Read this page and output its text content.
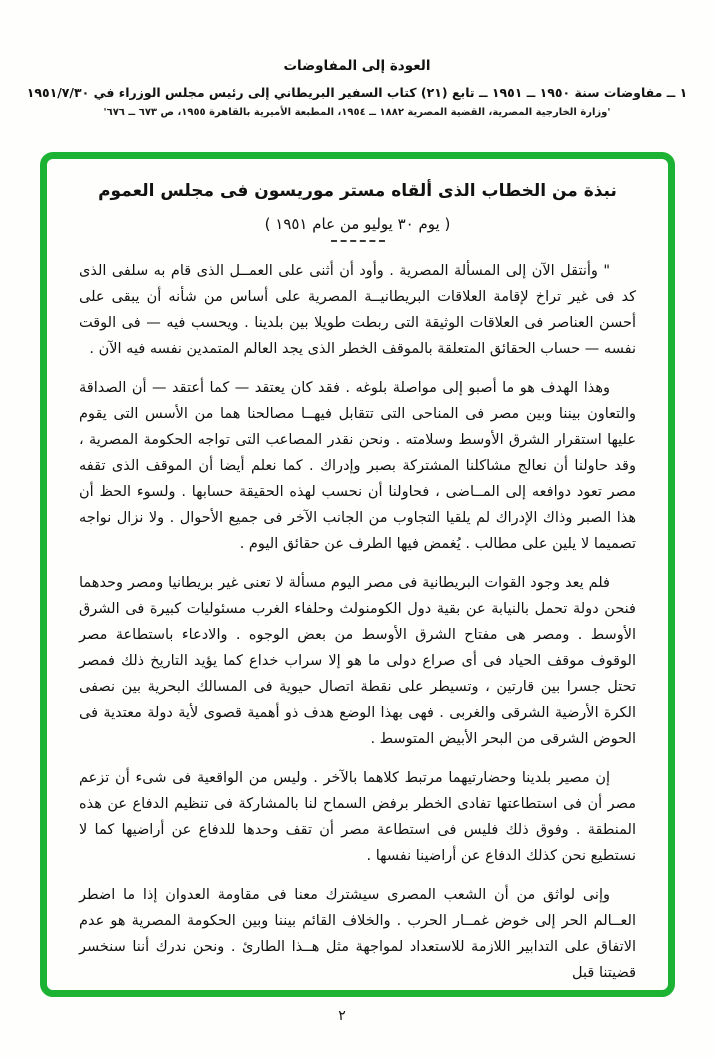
العودة إلى المفاوضات
١ ــ مفاوضات سنة ١٩٥٠ ــ ١٩٥١ ــ تابع (٢١) كتاب السفير البريطاني إلى رئيس مجلس الوزراء في ١٩٥١/٧/٣٠
'وزارة الخارجية المصرية، القضية المصرية ١٨٨٢ ــ ١٩٥٤، المطبعة الأميرية بالقاهرة ١٩٥٥، ص ٦٧٣ ــ ٦٧٦'
نبذة من الخطاب الذى ألقاه مستر موريسون فى مجلس العموم
( يوم ٣٠ يوليو من عام ١٩٥١ )

" وأنتقل الآن إلى المسألة المصرية . وأود أن أثنى على العمــل الذى قام به سلفى الذى كد فى غير تراخ لإقامة العلاقات البريطانيــة المصرية على أساس من شأنه أن يبقى على أحسن العناصر فى العلاقات الوثيقة التى ربطت طويلا بين بلدينا . ويحسب فيه — فى الوقت نفسه — حساب الحقائق المتعلقة بالموقف الخطر الذى يجد العالم المتمدين نفسه فيه الآن .

وهذا الهدف هو ما أصبو إلى مواصلة بلوغه . فقد كان يعتقد — كما أعتقد — أن الصداقة والتعاون بيننا وبين مصر فى المناحى التى تتقابل فيهــا مصالحنا هما من الأسس التى يقوم عليها استقرار الشرق الأوسط وسلامته . ونحن نقدر المصاعب التى تواجه الحكومة المصرية ، وقد حاولنا أن نعالج مشاكلنا المشتركة بصبر وإدراك . كما نعلم أيضا أن الموقف الذى تقفه مصر تعود دوافعه إلى المــاضى ، فحاولنا أن نحسب لهذه الحقيقة حسابها . ولسوء الحظ أن هذا الصبر وذاك الإدراك لم يلقيا التجاوب من الجانب الآخر فى جميع الأحوال . ولا نزال نواجه تصميما لا يلين على مطالب . يُغمض فيها الطرف عن حقائق اليوم .

فلم يعد وجود القوات البريطانية فى مصر اليوم مسألة لا تعنى غير بريطانيا ومصر وحدهما فنحن دولة تحمل بالنيابة عن بقية دول الكومنولث وحلفاء الغرب مسئوليات كبيرة فى الشرق الأوسط . ومصر هى مفتاح الشرق الأوسط من بعض الوجوه . والادعاء باستطاعة مصر الوقوف موقف الحياد فى أى صراع دولى ما هو إلا سراب خداع كما يؤيد التاريخ ذلك فمصر تحتل جسرا بين قارتين ، وتسيطر على نقطة اتصال حيوية فى المسالك البحرية بين نصفى الكرة الأرضية الشرقى والغربى . فهى بهذا الوضع هدف ذو أهمية قصوى لأية دولة معتدية فى الحوض الشرقى من البحر الأبيض المتوسط .

إن مصير بلدينا وحضارتيهما مرتبط كلاهما بالآخر . وليس من الواقعية فى شىء أن تزعم مصر أن فى استطاعتها تفادى الخطر برفض السماح لنا بالمشاركة فى تنظيم الدفاع عن هذه المنطقة . وفوق ذلك فليس فى استطاعة مصر أن تقف وحدها للدفاع عن أراضيها كما لا نستطيع نحن كذلك الدفاع عن أراضينا نفسها .

وإنى لواثق من أن الشعب المصرى سيشترك معنا فى مقاومة العدوان إذا ما اضطر العــالم الحر إلى خوض غمــار الحرب . والخلاف القائم بيننا وبين الحكومة المصرية هو عدم الاتفاق على التدابير اللازمة للاستعداد لمواجهة مثل هــذا الطارئ . ونحن ندرك أننا سنخسر قضيتنا قبل

٢
